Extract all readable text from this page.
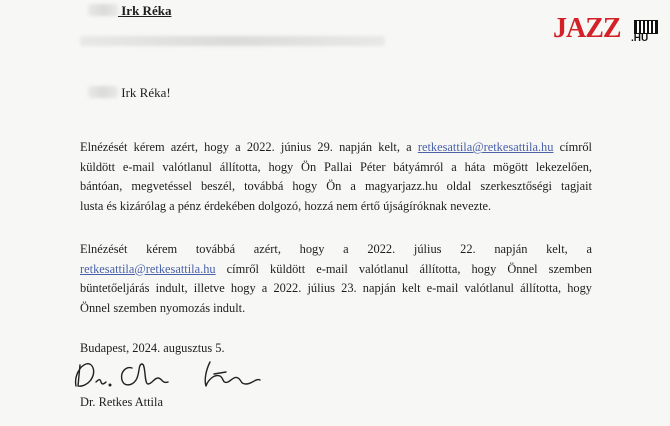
Irk Réka
JAZZ .HU
Irk Réka!
Elnézését kérem azért, hogy a 2022. június 29. napján kelt, a retkesattila@retkesattila.hu címről
küldött e-mail valótlanul állította, hogy Ön Pallai Péter bátyámról a háta mögött lekezelően,
bántóan, megvetéssel beszél, továbbá hogy Ön a magyarjazz.hu oldal szerkesztőségi tagjait
lusta és kizárólag a pénz érdekében dolgozó, hozzá nem értő újságíróknak nevezte.
Elnézését kérem továbbá azért, hogy a 2022. július 22. napján kelt, a
retkesattila@retkesattila.hu címről küldött e-mail valótlanul állította, hogy Önnel szemben
büntetőeljárás indult, illetve hogy a 2022. július 23. napján kelt e-mail valótlanul állította, hogy
Önnel szemben nyomozás indult.
Budapest, 2024. augusztus 5.
Dr. Retkes Attila
